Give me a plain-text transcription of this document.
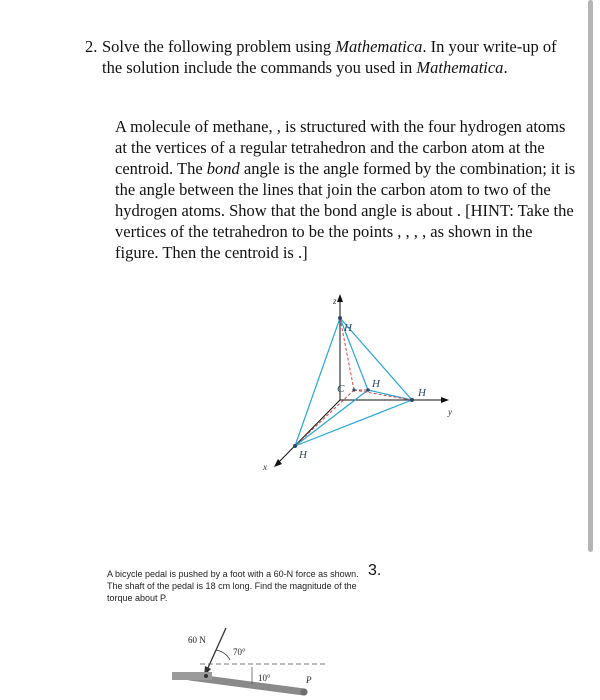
2. Solve the following problem using Mathematica. In your write-up of the solution include the commands you used in Mathematica.
A molecule of methane, , is structured with the four hydrogen atoms at the vertices of a regular tetrahedron and the carbon atom at the centroid. The bond angle is the angle formed by the combination; it is the angle between the lines that join the carbon atom to two of the hydrogen atoms. Show that the bond angle is about . [HINT: Take the vertices of the tetrahedron to be the points , , , , as shown in the figure. Then the centroid is .]
z
y
x
H
C	H
H
H
A bicycle pedal is pushed by a foot with a 60-N force as shown. The shaft of the pedal is 18 cm long. Find the magnitude of the torque about P.
3.
60 N
70°
10°	P
